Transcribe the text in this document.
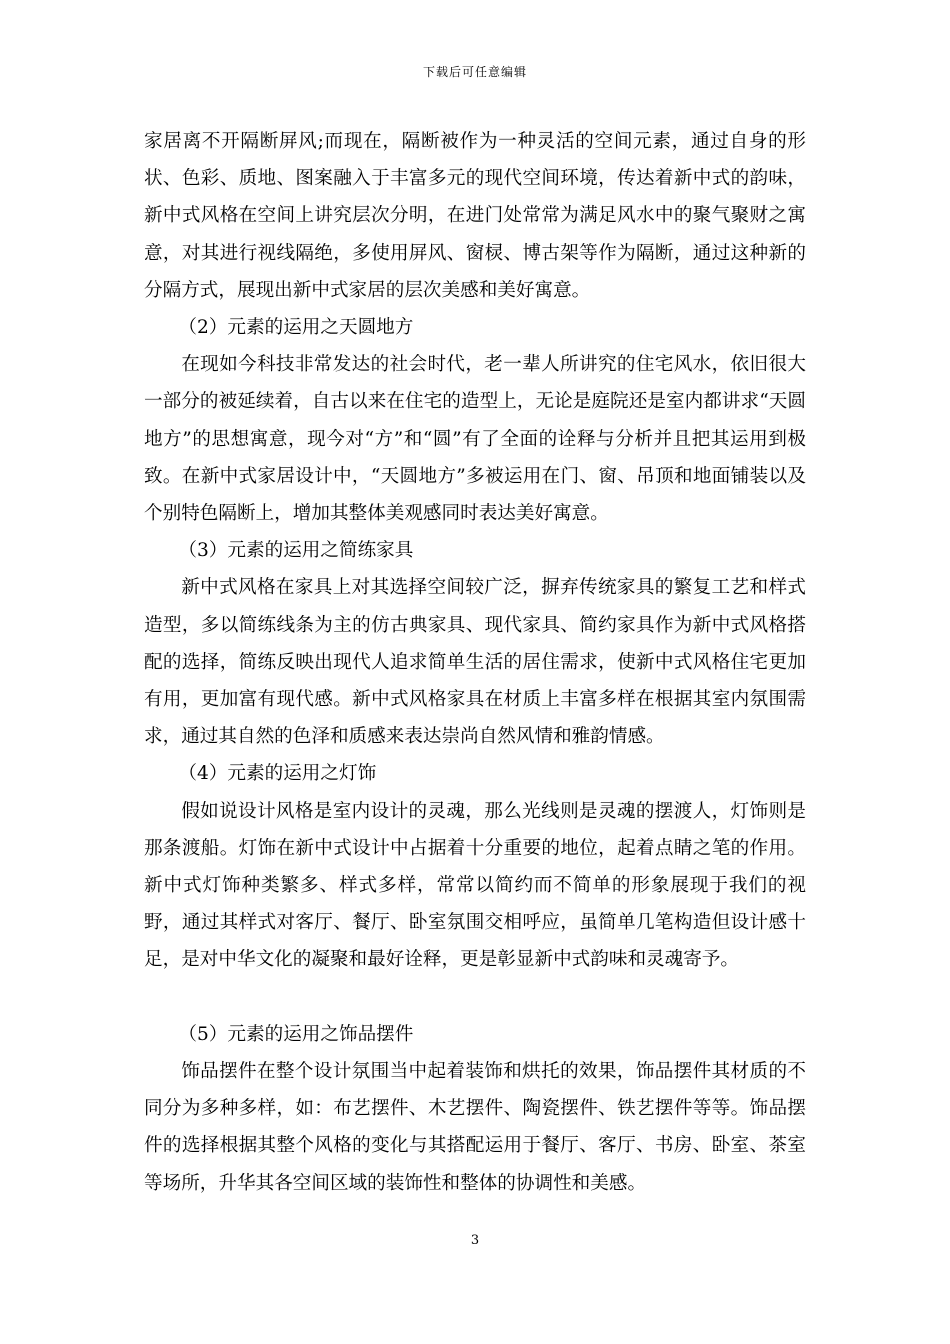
下载后可任意编辑

家居离不开隔断屏风;而现在，隔断被作为一种灵活的空间元素，通过自身的形状、色彩、质地、图案融入于丰富多元的现代空间环境，传达着新中式的韵味，新中式风格在空间上讲究层次分明，在进门处常常为满足风水中的聚气聚财之寓意，对其进行视线隔绝，多使用屏风、窗棂、博古架等作为隔断，通过这种新的分隔方式，展现出新中式家居的层次美感和美好寓意。

（2）元素的运用之天圆地方

在现如今科技非常发达的社会时代，老一辈人所讲究的住宅风水，依旧很大一部分的被延续着，自古以来在住宅的造型上，无论是庭院还是室内都讲求“天圆地方”的思想寓意，现今对“方”和“圆”有了全面的诠释与分析并且把其运用到极致。在新中式家居设计中，“天圆地方”多被运用在门、窗、吊顶和地面铺装以及个别特色隔断上，增加其整体美观感同时表达美好寓意。

（3）元素的运用之简练家具

新中式风格在家具上对其选择空间较广泛，摒弃传统家具的繁复工艺和样式造型，多以简练线条为主的仿古典家具、现代家具、简约家具作为新中式风格搭配的选择，简练反映出现代人追求简单生活的居住需求，使新中式风格住宅更加有用，更加富有现代感。新中式风格家具在材质上丰富多样在根据其室内氛围需求，通过其自然的色泽和质感来表达崇尚自然风情和雅韵情感。

（4）元素的运用之灯饰

假如说设计风格是室内设计的灵魂，那么光线则是灵魂的摆渡人，灯饰则是那条渡船。灯饰在新中式设计中占据着十分重要的地位，起着点睛之笔的作用。新中式灯饰种类繁多、样式多样，常常以简约而不简单的形象展现于我们的视野，通过其样式对客厅、餐厅、卧室氛围交相呼应，虽简单几笔构造但设计感十足，是对中华文化的凝聚和最好诠释，更是彰显新中式韵味和灵魂寄予。

（5）元素的运用之饰品摆件

饰品摆件在整个设计氛围当中起着装饰和烘托的效果，饰品摆件其材质的不同分为多种多样，如：布艺摆件、木艺摆件、陶瓷摆件、铁艺摆件等等。饰品摆件的选择根据其整个风格的变化与其搭配运用于餐厅、客厅、书房、卧室、茶室等场所，升华其各空间区域的装饰性和整体的协调性和美感。

3
